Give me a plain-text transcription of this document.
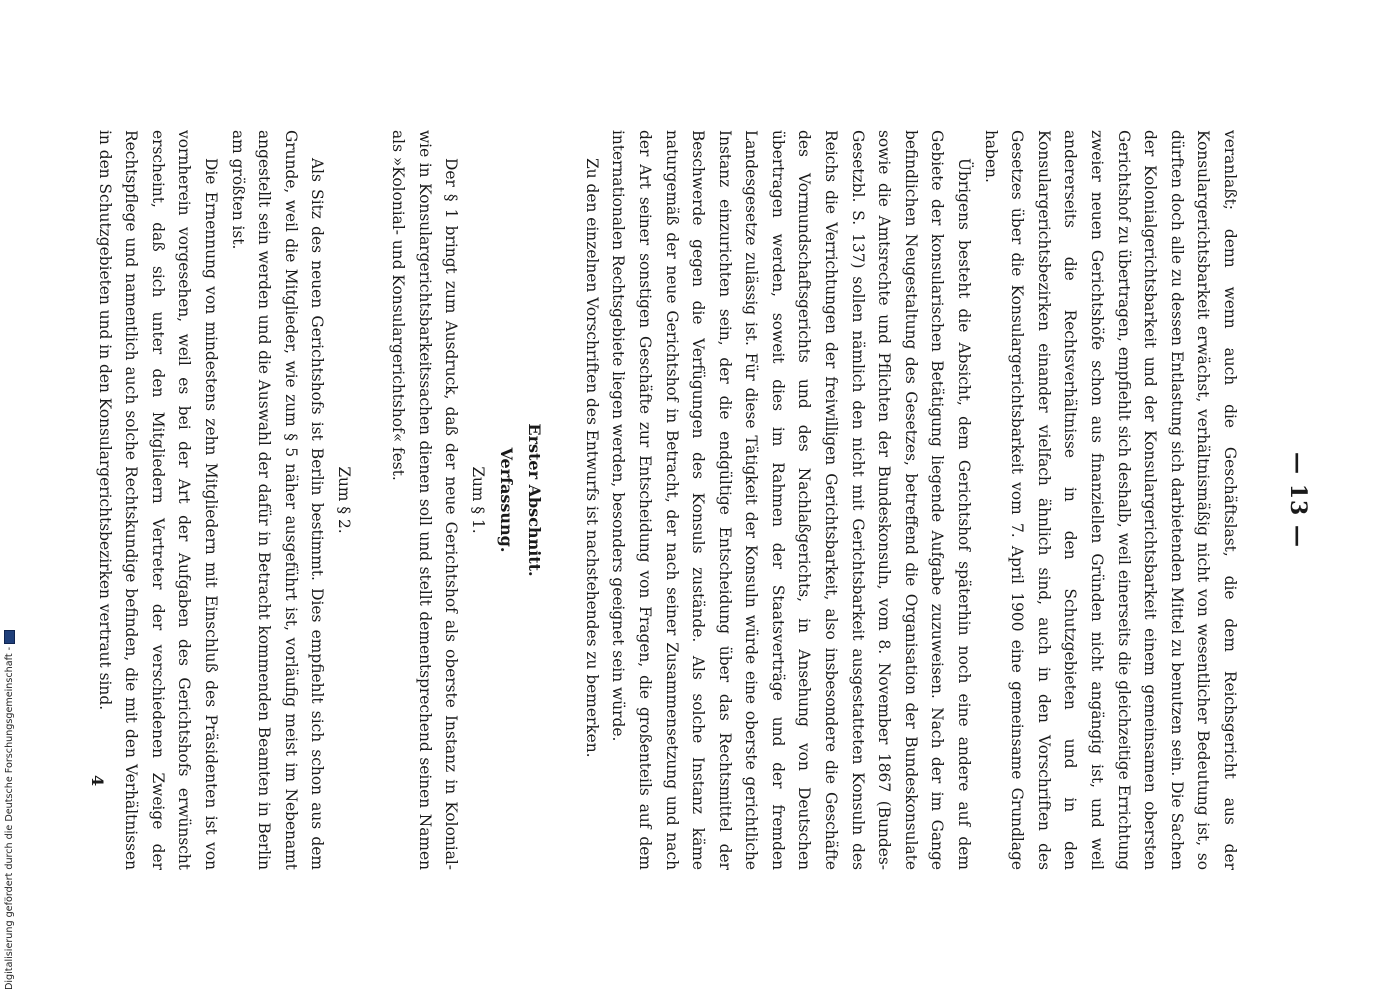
— 13 —

veranlaßt; denn wenn auch die Geschäftslast, die dem Reichsgericht aus der Konsulargerichtsbarkeit erwächst, verhältnismäßig nicht von wesentlicher Bedeutung ist, so dürften doch alle zu dessen Entlastung sich darbietenden Mittel zu benutzen sein. Die Sachen der Kolonialgerichtsbarkeit und der Konsulargerichtsbarkeit einem gemeinsamen obersten Gerichtshof zu übertragen, empfiehlt sich deshalb, weil einerseits die gleichzeitige Errichtung zweier neuen Gerichtshöfe schon aus finanziellen Gründen nicht angängig ist, und weil andererseits die Rechtsverhältnisse in den Schutzgebieten und in den Konsulargerichtsbezirken einander vielfach ähnlich sind, auch in den Vorschriften des Gesetzes über die Konsulargerichtsbarkeit vom 7. April 1900 eine gemeinsame Grundlage haben.

Übrigens besteht die Absicht, dem Gerichtshof späterhin noch eine andere auf dem Gebiete der konsularischen Betätigung liegende Aufgabe zuzuweisen. Nach der im Gange befindlichen Neugestaltung des Gesetzes, betreffend die Organisation der Bundeskonsulate sowie die Amtsrechte und Pflichten der Bundeskonsuln, vom 8. November 1867 (Bundes-Gesetzbl. S. 137) sollen nämlich den nicht mit Gerichtsbarkeit ausgestatteten Konsuln des Reichs die Verrichtungen der freiwilligen Gerichtsbarkeit, also insbesondere die Geschäfte des Vormundschaftsgerichts und des Nachlaßgerichts, in Ansehung von Deutschen übertragen werden, soweit dies im Rahmen der Staatsverträge und der fremden Landesgesetze zulässig ist. Für diese Tätigkeit der Konsuln würde eine oberste gerichtliche Instanz einzurichten sein, der die endgültige Entscheidung über das Rechtsmittel der Beschwerde gegen die Verfügungen des Konsuls zustände. Als solche Instanz käme naturgemäß der neue Gerichtshof in Betracht, der nach seiner Zusammensetzung und nach der Art seiner sonstigen Geschäfte zur Entscheidung von Fragen, die großenteils auf dem internationalen Rechtsgebiete liegen werden, besonders geeignet sein würde.

Zu den einzelnen Vorschriften des Entwurfs ist nachstehendes zu bemerken.

Erster Abschnitt.
Verfassung.
Zum § 1.

Der § 1 bringt zum Ausdruck, daß der neue Gerichtshof als oberste Instanz in Kolonial- wie in Konsulargerichtsbarkeitssachen dienen soll und stellt dementsprechend seinen Namen als »Kolonial- und Konsulargerichtshof« fest.

Zum § 2.

Als Sitz des neuen Gerichtshofs ist Berlin bestimmt. Dies empfiehlt sich schon aus dem Grunde, weil die Mitglieder, wie zum § 5 näher ausgeführt ist, vorläufig meist im Nebenamt angestellt sein werden und die Auswahl der dafür in Betracht kommenden Beamten in Berlin am größten ist.

Die Ernennung von mindestens zehn Mitgliedern mit Einschluß des Präsidenten ist von vornherein vorgesehen, weil es bei der Art der Aufgaben des Gerichtshofs erwünscht erscheint, daß sich unter den Mitgliedern Vertreter der verschiedenen Zweige der Rechtspflege und namentlich auch solche Rechtskundige befinden, die mit den Verhältnissen in den Schutzgebieten und in den Konsulargerichtsbezirken vertraut sind.

4
Digitalisierung gefördert durch die Deutsche Forschungsgemeinschaft -
